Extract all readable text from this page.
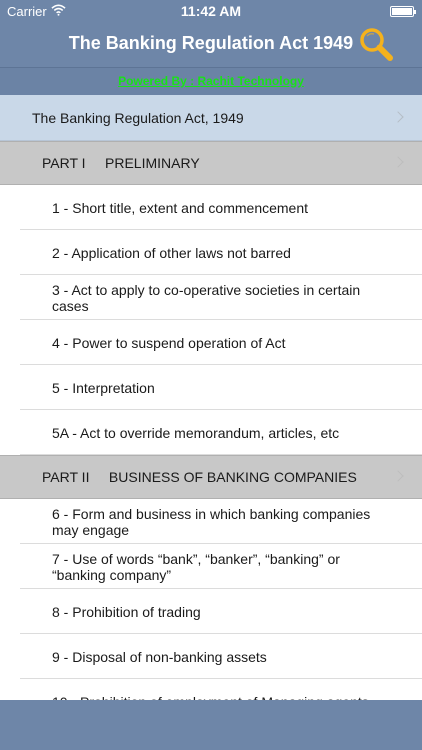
Carrier	11:42 AM
The Banking Regulation Act 1949
Powered By : Rachit Technology
The Banking Regulation Act, 1949
PART I     PRELIMINARY
1 - Short title, extent and commencement
2 - Application of other laws not barred
3 - Act to apply to co-operative societies in certain cases
4 - Power to suspend operation of Act
5 - Interpretation
5A - Act to override memorandum, articles, etc
PART II     BUSINESS OF BANKING COMPANIES
6 - Form and business in which banking companies may engage
7 - Use of words “bank”, “banker”, “banking” or “banking company”
8 - Prohibition of trading
9 - Disposal of non-banking assets
